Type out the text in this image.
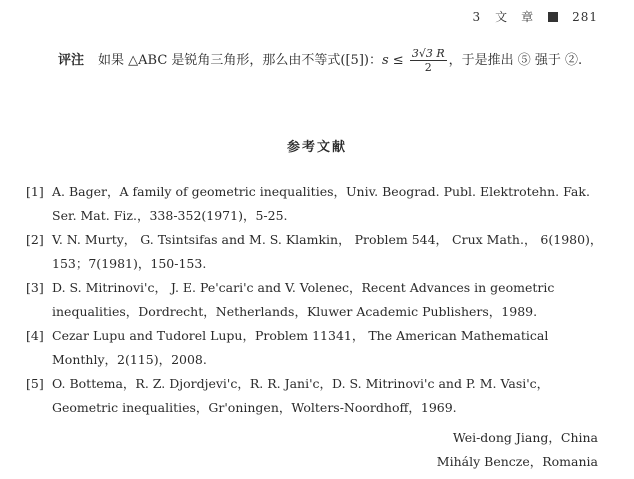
3 文　章	281
评注 如果 △ABC 是锐角三角形，那么由不等式([5])：$s \le \frac{3√3 R}{2}$ ，于是推出 ⑤ 强于 ②.
参考文献
[1] A. Bager，A family of geometric inequalities，Univ. Beograd. Publ. Elektrotehn. Fak. Ser. Mat. Fiz.，338-352(1971)，5-25.
[2] V. N. Murty， G. Tsintsifas and M. S. Klamkin， Problem 544， Crux Math.， 6(1980)，153；7(1981)，150-153.
[3] D. S. Mitrinovi'c， J. E. Pe'cari'c and V. Volenec，Recent Advances in geometric inequalities，Dordrecht，Netherlands，Kluwer Academic Publishers，1989.
[4] Cezar Lupu and Tudorel Lupu，Problem 11341， The American Mathematical Monthly，2(115)，2008.
[5] O. Bottema，R. Z. Djordjevi'c，R. R. Jani'c，D. S. Mitrinovi'c and P. M. Vasi'c，Geometric inequalities，Gr'oningen，Wolters-Noordhoff，1969.
Wei-dong Jiang，China
Mihály Bencze，Romania
